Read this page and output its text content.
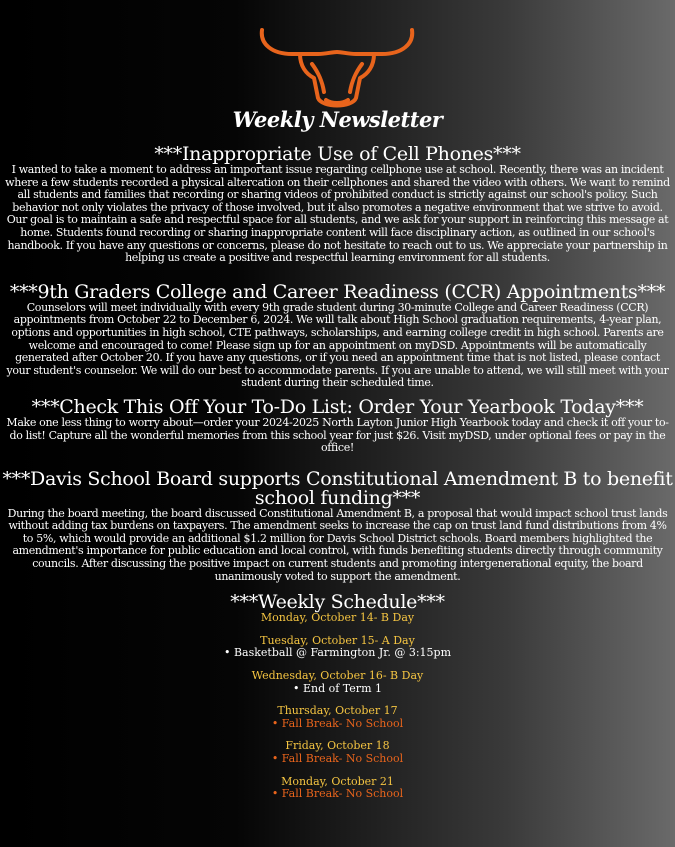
Weekly Newsletter
***Inappropriate Use of Cell Phones***
I wanted to take a moment to address an important issue regarding cellphone use at school. Recently, there was an incident where a few students recorded a physical altercation on their cellphones and shared the video with others. We want to remind all students and families that recording or sharing videos of prohibited conduct is strictly against our school's policy. Such behavior not only violates the privacy of those involved, but it also promotes a negative environment that we strive to avoid. Our goal is to maintain a safe and respectful space for all students, and we ask for your support in reinforcing this message at home. Students found recording or sharing inappropriate content will face disciplinary action, as outlined in our school's handbook. If you have any questions or concerns, please do not hesitate to reach out to us. We appreciate your partnership in helping us create a positive and respectful learning environment for all students.
***9th Graders College and Career Readiness (CCR) Appointments***
Counselors will meet individually with every 9th grade student during 30-minute College and Career Readiness (CCR) appointments from October 22 to December 6, 2024. We will talk about High School graduation requirements, 4-year plan, options and opportunities in high school, CTE pathways, scholarships, and earning college credit in high school. Parents are welcome and encouraged to come! Please sign up for an appointment on myDSD. Appointments will be automatically generated after October 20. If you have any questions, or if you need an appointment time that is not listed, please contact your student's counselor. We will do our best to accommodate parents. If you are unable to attend, we will still meet with your student during their scheduled time.
***Check This Off Your To-Do List: Order Your Yearbook Today***
Make one less thing to worry about—order your 2024-2025 North Layton Junior High Yearbook today and check it off your to-do list! Capture all the wonderful memories from this school year for just $26. Visit myDSD, under optional fees or pay in the office!
***Davis School Board supports Constitutional Amendment B to benefit school funding***
During the board meeting, the board discussed Constitutional Amendment B, a proposal that would impact school trust lands without adding tax burdens on taxpayers. The amendment seeks to increase the cap on trust land fund distributions from 4% to 5%, which would provide an additional $1.2 million for Davis School District schools. Board members highlighted the amendment's importance for public education and local control, with funds benefiting students directly through community councils. After discussing the positive impact on current students and promoting intergenerational equity, the board unanimously voted to support the amendment.
***Weekly Schedule***
Monday, October 14- B Day
Tuesday, October 15- A Day
• Basketball @ Farmington Jr. @ 3:15pm
Wednesday, October 16- B Day
• End of Term 1
Thursday, October 17
• Fall Break- No School
Friday, October 18
• Fall Break- No School
Monday, October 21
• Fall Break- No School
